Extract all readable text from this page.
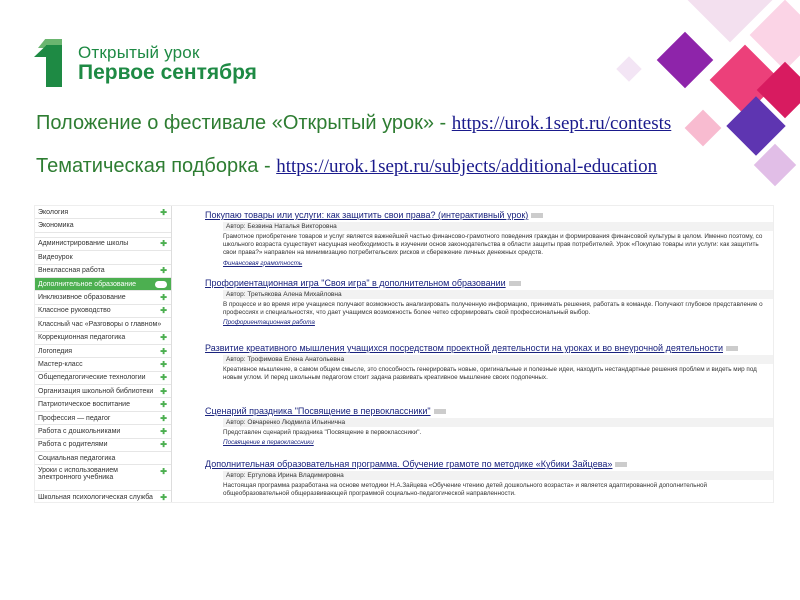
Открытый урок
Первое сентября
Положение о фестивале «Открытый урок» - https://urok.1sept.ru/contests
Тематическая подборка - https://urok.1sept.ru/subjects/additional-education
Экология	✚
Экономика
Администрирование школы	✚
Видеоурок
Внеклассная работа	✚
Дополнительное образование
Инклюзивное образование	✚
Классное руководство	✚
Классный час «Разговоры о главном»
Коррекционная педагогика	✚
Логопедия	✚
Мастер-класс	✚
Общепедагогические технологии ✚
Организация школьной библиотеки ✚
Патриотическое воспитание	✚
Профессия — педагог	✚
Работа с дошкольниками	✚
Работа с родителями	✚
Социальная педагогика
Уроки с использованием электронного учебника
✚
Школьная психологическая служба ✚
Покупаю товары или услуги: как защитить свои права? (интерактивный урок)
Автор: Безвина Наталья Викторовна
Грамотное приобретение товаров и услуг является важнейшей частью финансово-грамотного поведения граждан и формирования финансовой культуры в целом. Именно поэтому, со школьного возраста существует насущная необходимость в изучении основ законодательства в области защиты прав потребителей. Урок «Покупаю товары или услуги: как защитить свои права?» направлен на минимизацию потребительских рисков и сбережение личных денежных средств.
Финансовая грамотность
Профориентационная игра "Своя игра" в дополнительном образовании
Автор: Третьякова Алена Михайловна
В процессе и во время игре учащиеся получают возможность анализировать полученную информацию, принимать решения, работать в команде. Получают глубокое представление о профессиях и специальностях, что дает учащимся возможность более четко сформировать свой профессиональный выбор.
Профориентационная работа
Развитие креативного мышления учащихся посредством проектной деятельности на уроках и во внеурочной деятельности
Автор: Трофимова Елена Анатольевна
Креативное мышление, в самом общем смысле, это способность генерировать новые, оригинальные и полезные идеи, находить нестандартные решения проблем и видеть мир под новым углом. И перед школьным педагогом стоит задача развивать креативное мышление своих подопечных.
Сценарий праздника "Посвящение в первоклассники"
Автор: Овчаренко Людмила Ильинична
Представлен сценарий праздника "Посвящение в первоклассники".
Посвящение в первоклассники
Дополнительная образовательная программа. Обучение грамоте по методике «Кубики Зайцева»
Автор: Ертулова Ирина Владимировна
Настоящая программа разработана на основе методики Н.А.Зайцева «Обучение чтению детей дошкольного возраста» и является адаптированной дополнительной общеобразовательной общеразвивающей программой социально-педагогической направленности.
